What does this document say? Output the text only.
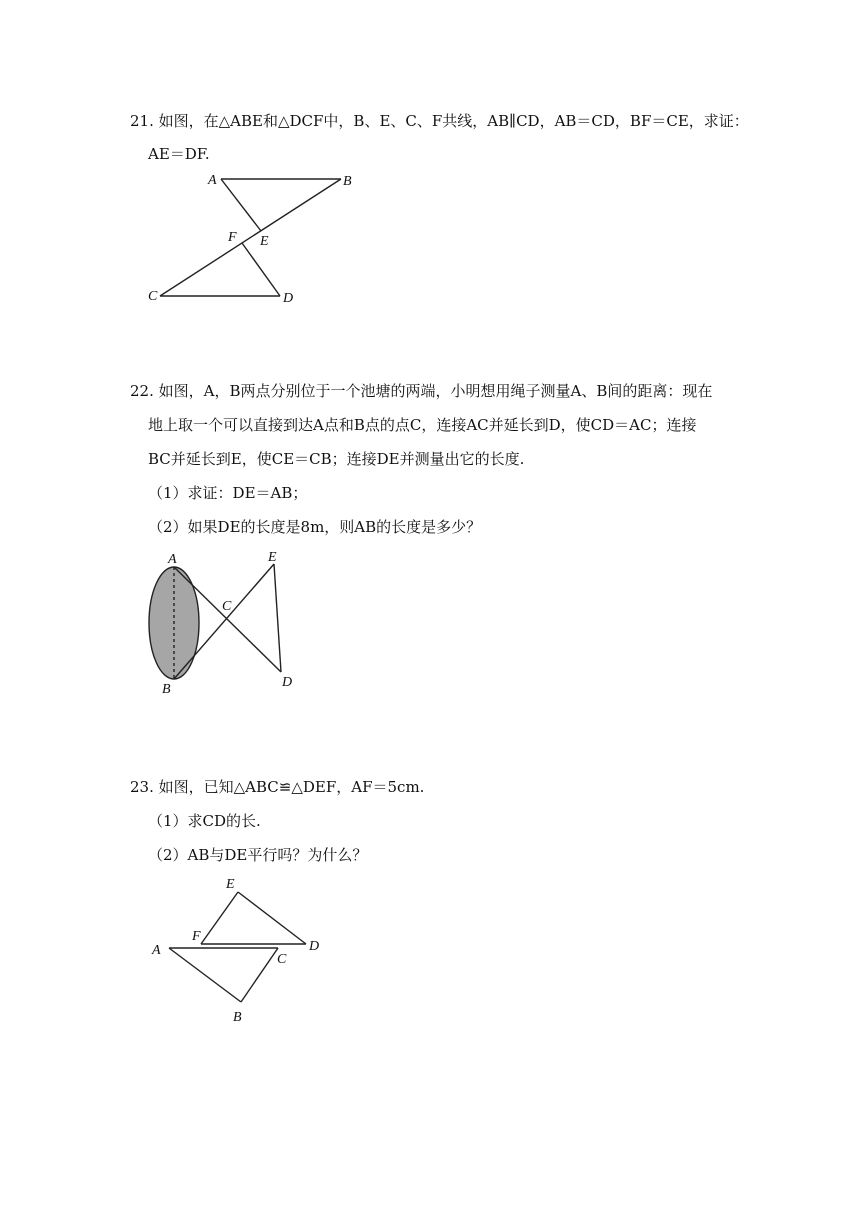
21. 如图，在△ABE和△DCF中，B、E、C、F共线，AB∥CD，AB＝CD，BF＝CE，求证：
AE＝DF.
A	B
F E
C	D
22. 如图，A，B两点分别位于一个池塘的两端，小明想用绳子测量A、B间的距离：现在
地上取一个可以直接到达A点和B点的点C，连接AC并延长到D，使CD＝AC；连接
BC并延长到E，使CE＝CB；连接DE并测量出它的长度.
（1）求证：DE＝AB；
（2）如果DE的长度是8m，则AB的长度是多少？
A
B
C
D
E
23. 如图，已知△ABC≌△DEF，AF＝5cm.
（1）求CD的长.
（2）AB与DE平行吗？为什么？
A
F
E
D
C
B
